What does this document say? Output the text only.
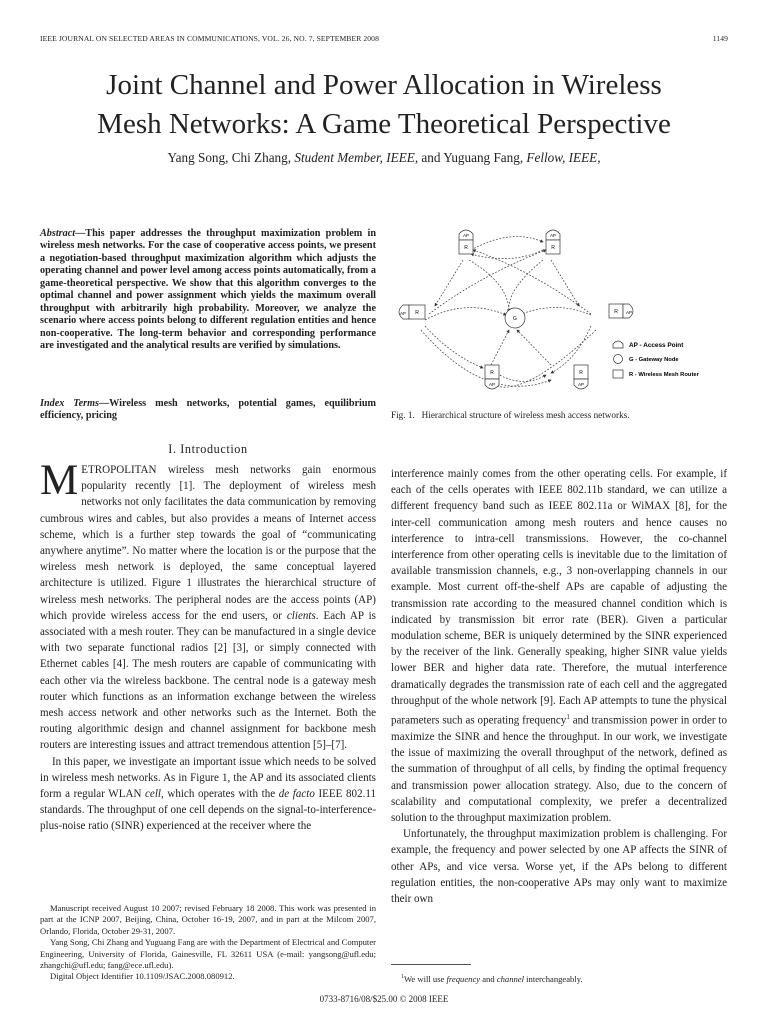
IEEE JOURNAL ON SELECTED AREAS IN COMMUNICATIONS, VOL. 26, NO. 7, SEPTEMBER 2008	1149
Joint Channel and Power Allocation in Wireless
Mesh Networks: A Game Theoretical Perspective
Yang Song, Chi Zhang, Student Member, IEEE, and Yuguang Fang, Fellow, IEEE,
Abstract—This paper addresses the throughput maximization problem in wireless mesh networks. For the case of cooperative access points, we present a negotiation-based throughput maximization algorithm which adjusts the operating channel and power level among access points automatically, from a game-theoretical perspective. We show that this algorithm converges to the optimal channel and power assignment which yields the maximum overall throughput with arbitrarily high probability. Moreover, we analyze the scenario where access points belong to different regulation entities and hence non-cooperative. The long-term behavior and corresponding performance are investigated and the analytical results are verified by simulations.
Index Terms—Wireless mesh networks, potential games, equilibrium efficiency, pricing
I. Introduction

METROPOLITAN wireless mesh networks gain enormous popularity recently [1]. The deployment of wireless mesh networks not only facilitates the data communication by removing cumbrous wires and cables, but also provides a means of Internet access scheme, which is a further step towards the goal of “communicating anywhere anytime”. No matter where the location is or the purpose that the wireless mesh network is deployed, the same conceptual layered architecture is utilized. Figure 1 illustrates the hierarchical structure of wireless mesh networks. The peripheral nodes are the access points (AP) which provide wireless access for the end users, or clients. Each AP is associated with a mesh router. They can be manufactured in a single device with two separate functional radios [2] [3], or simply connected with Ethernet cables [4]. The mesh routers are capable of communicating with each other via the wireless backbone. The central node is a gateway mesh router which functions as an information exchange between the wireless mesh access network and other networks such as the Internet. Both the routing algorithmic design and channel assignment for backbone mesh routers are interesting issues and attract tremendous attention [5]–[7].

In this paper, we investigate an important issue which needs to be solved in wireless mesh networks. As in Figure 1, the AP and its associated clients form a regular WLAN cell, which operates with the de facto IEEE 802.11 standards. The throughput of one cell depends on the signal-to-interference-plus-noise ratio (SINR) experienced at the receiver where the

Manuscript received August 10 2007; revised February 18 2008. This work was presented in part at the ICNP 2007, Beijing, China, October 16-19, 2007, and in part at the Milcom 2007, Orlando, Florida, October 29-31, 2007.

Yang Song, Chi Zhang and Yuguang Fang are with the Department of Electrical and Computer Engineering, University of Florida, Gainesville, FL 32611 USA (e-mail: yangsong@ufl.edu; zhangchi@ufl.edu; fang@ece.ufl.edu).

Digital Object Identifier 10.1109/JSAC.2008.080912.

AP
R
AP
R
AP R	R AP
G
R
AP
R
AP
AP - Access Point
G - Gateway Node
R - Wireless Mesh Router
Fig. 1. Hierarchical structure of wireless mesh access networks.

interference mainly comes from the other operating cells. For example, if each of the cells operates with IEEE 802.11b standard, we can utilize a different frequency band such as IEEE 802.11a or WiMAX [8], for the inter-cell communication among mesh routers and hence causes no interference to intra-cell transmissions. However, the co-channel interference from other operating cells is inevitable due to the limitation of available transmission channels, e.g., 3 non-overlapping channels in our example. Most current off-the-shelf APs are capable of adjusting the transmission rate according to the measured channel condition which is indicated by transmission bit error rate (BER). Given a particular modulation scheme, BER is uniquely determined by the SINR experienced by the receiver of the link. Generally speaking, higher SINR value yields lower BER and higher data rate. Therefore, the mutual interference dramatically degrades the transmission rate of each cell and the aggregated throughput of the whole network [9]. Each AP attempts to tune the physical parameters such as operating frequency$^1$ and transmission power in order to maximize the SINR and hence the throughput. In our work, we investigate the issue of maximizing the overall throughput of the network, defined as the summation of throughput of all cells, by finding the optimal frequency and transmission power allocation strategy. Also, due to the concern of scalability and computational complexity, we prefer a decentralized solution to the throughput maximization problem.

Unfortunately, the throughput maximization problem is challenging. For example, the frequency and power selected by one AP affects the SINR of other APs, and vice versa. Worse yet, if the APs belong to different regulation entities, the non-cooperative APs may only want to maximize their own

$^1$We will use frequency and channel interchangeably.
0733-8716/08/$25.00 © 2008 IEEE
